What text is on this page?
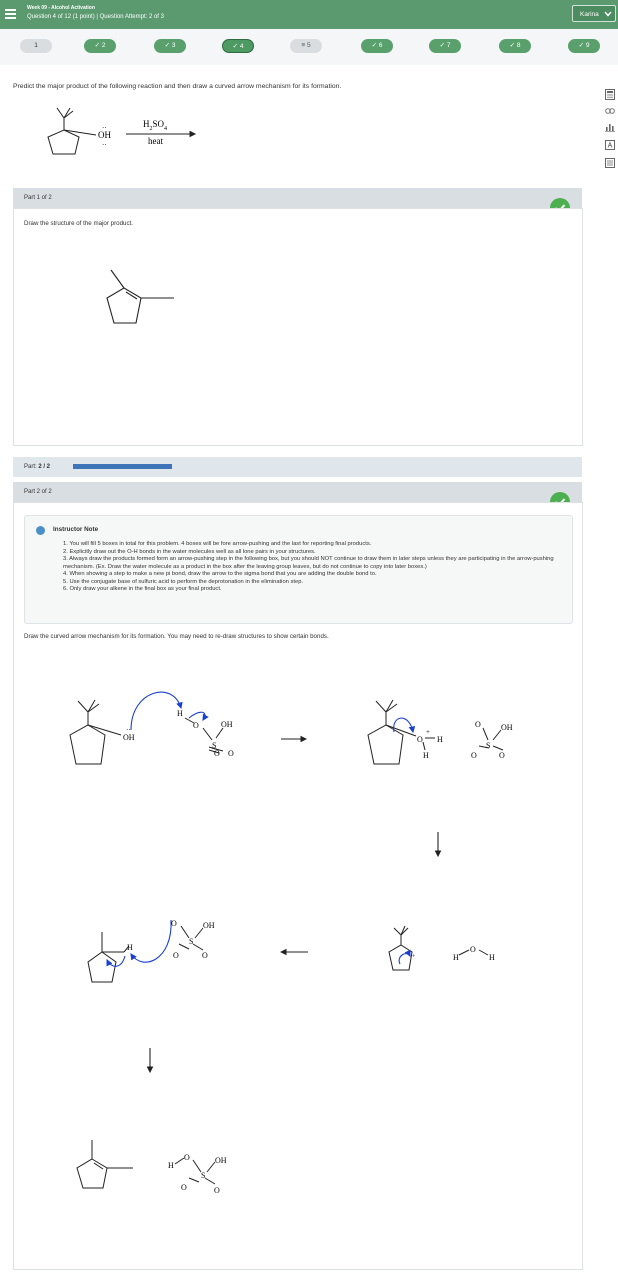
Week 09 - Alcohol Activation
Question 4 of 12 (1 point) | Question Attempt: 2 of 3	Karina
1	✓ 2	✓ 3	✓ 4	≡ 5	✓ 6	✓ 7	✓ 8	✓ 9
Predict the major product of the following reaction and then draw a curved arrow mechanism for its formation.
OH
··
··
$H_2SO_4$
heat
Part 1 of 2
Draw the structure of the major product.
Part: 2 / 2
Part 2 of 2
Instructor Note
1. You will fill 5 boxes in total for this problem. 4 boxes will be fore arrow-pushing and the last for reporting final products.
2. Explicitly draw out the O-H bonds in the water molecules well as all lone pairs in your structures.
3. Always draw the products formed form an arrow-pushing step in the following box, but you should NOT continue to draw them in later steps unless they are participating in the arrow-pushing mechanism. (Ex. Draw the water molecule as a product in the box after the leaving group leaves, but do not continue to copy into later boxes.)
4. When showing a step to make a new pi bond, draw the arrow to the sigma bond that you are adding the double bond to.
5. Use the conjugate base of sulfuric acid to perform the deprotonation in the elimination step.
6. Only draw your alkene in the final box as your final product.
Draw the curved arrow mechanism for its formation. You may need to re-draw structures to show certain bonds.
OH
··
H
O	OH
S
O O
O
+
H
H
O	OH
S
O	O
+	H
O
H
H
O	OH
S
O	O
H
O	OH
S
O	O
